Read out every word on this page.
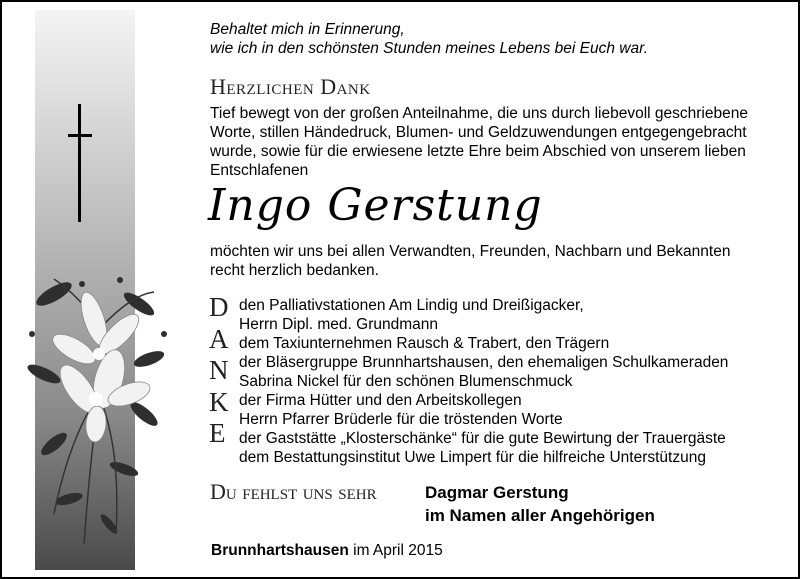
Behaltet mich in Erinnerung,
wie ich in den schönsten Stunden meines Lebens bei Euch war.
Herzlichen Dank
Tief bewegt von der großen Anteilnahme, die uns durch liebevoll geschriebene
Worte, stillen Händedruck, Blumen- und Geldzuwendungen entgegengebracht
wurde, sowie für die erwiesene letzte Ehre beim Abschied von unserem lieben
Entschlafenen
Ingo Gerstung
möchten wir uns bei allen Verwandten, Freunden, Nachbarn und Bekannten
recht herzlich bedanken.
D
A
N
K
E
den Palliativstationen Am Lindig und Dreißigacker,
Herrn Dipl. med. Grundmann
dem Taxiunternehmen Rausch & Trabert, den Trägern
der Bläsergruppe Brunnhartshausen, den ehemaligen Schulkameraden
Sabrina Nickel für den schönen Blumenschmuck
der Firma Hütter und den Arbeitskollegen
Herrn Pfarrer Brüderle für die tröstenden Worte
der Gaststätte „Klosterschänke“ für die gute Bewirtung der Trauergäste
dem Bestattungsinstitut Uwe Limpert für die hilfreiche Unterstützung
Du fehlst uns sehr	Dagmar Gerstung
im Namen aller Angehörigen
Brunnhartshausen im April 2015
